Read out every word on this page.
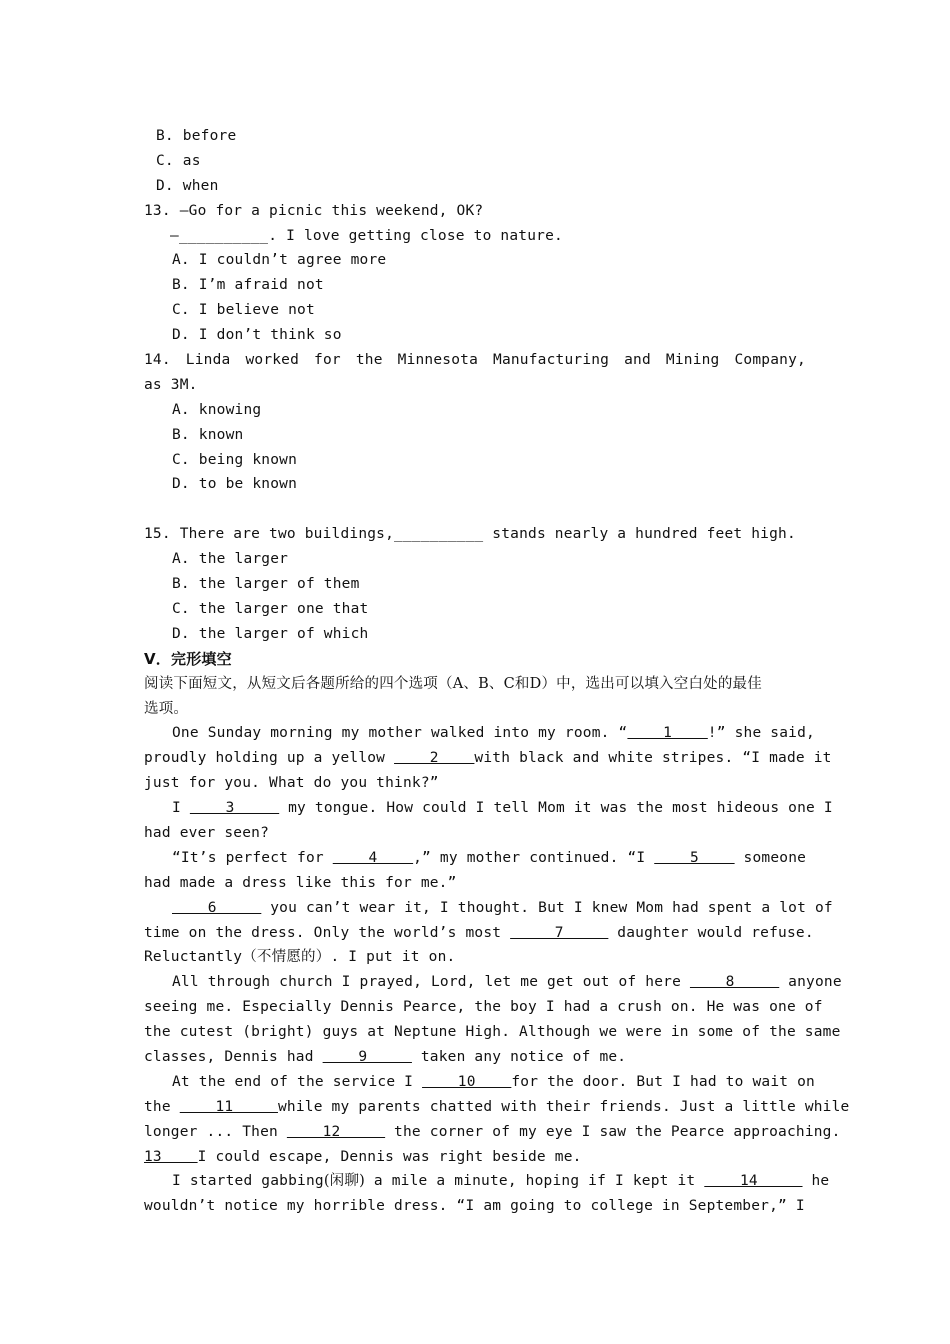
B. before
C. as
D. when
13. —Go for a picnic this weekend, OK?
—__________. I love getting close to nature.
A. I couldn’t agree more
B. I’m afraid not
C. I believe not
D. I don’t think so
14. Linda worked for the Minnesota Manufacturing and Mining Company,
as 3M.
A. knowing
B. known
C. being known
D. to be known
15. There are two buildings,__________ stands nearly a hundred feet high.
A. the larger
B. the larger of them
C. the larger one that
D. the larger of which
V．完形填空
阅读下面短文，从短文后各题所给的四个选项（A、B、C和D）中，选出可以填入空白处的最佳
选项。
One Sunday morning my mother walked into my room. “    1    !” she said,
proudly holding up a yellow     2    with black and white stripes. “I made it
just for you. What do you think?”
I     3      my tongue. How could I tell Mom it was the most hideous one I
had ever seen?
“It’s perfect for     4    ,” my mother continued. “I     5     someone
had made a dress like this for me.”
6      you can’t wear it, I thought. But I knew Mom had spent a lot of
time on the dress. Only the world’s most      7      daughter would refuse.
Reluctantly（不情愿的）. I put it on.
All through church I prayed, Lord, let me get out of here     8      anyone
seeing me. Especially Dennis Pearce, the boy I had a crush on. He was one of
the cutest (bright) guys at Neptune High. Although we were in some of the same
classes, Dennis had     9      taken any notice of me.
At the end of the service I     10    for the door. But I had to wait on
the     11     while my parents chatted with their friends. Just a little while
longer ... Then     12      the corner of my eye I saw the Pearce approaching.
13    I could escape, Dennis was right beside me.
I started gabbing(闲聊) a mile a minute, hoping if I kept it     14      he
wouldn’t notice my horrible dress. “I am going to college in September,” I
